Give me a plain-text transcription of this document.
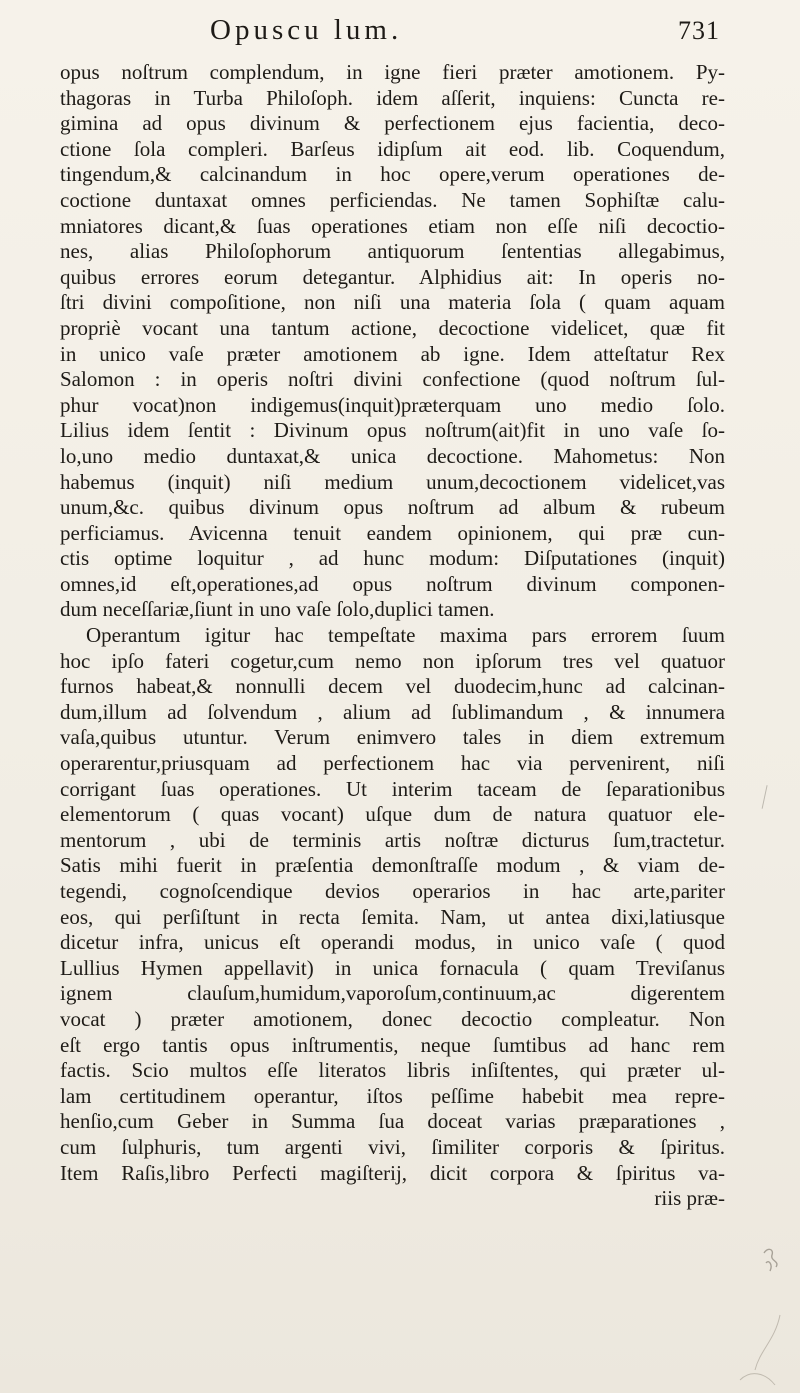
Opuscu lum.	731
opus noſtrum complendum, in igne fieri præter amotionem. Py-
thagoras in Turba Philoſoph. idem aſſerit, inquiens: Cuncta re-
gimina ad opus divinum & perfectionem ejus facientia, deco-
ctione ſola compleri. Barſeus idipſum ait eod. lib. Coquendum,
tingendum,& calcinandum in hoc opere,verum operationes de-
coctione duntaxat omnes perficiendas. Ne tamen Sophiſtæ calu-
mniatores dicant,& ſuas operationes etiam non eſſe niſi decoctio-
nes, alias Philoſophorum antiquorum ſententias allegabimus,
quibus errores eorum detegantur. Alphidius ait: In operis no-
ſtri divini compoſitione, non niſi una materia ſola ( quam aquam
propriè vocant una tantum actione, decoctione videlicet, quæ fit
in unico vaſe præter amotionem ab igne. Idem atteſtatur Rex
Salomon : in operis noſtri divini confectione (quod noſtrum ſul-
phur vocat)non indigemus(inquit)præterquam uno medio ſolo.
Lilius idem ſentit : Divinum opus noſtrum(ait)fit in uno vaſe ſo-
lo,uno medio duntaxat,& unica decoctione. Mahometus: Non
habemus (inquit) niſi medium unum,decoctionem videlicet,vas
unum,&c. quibus divinum opus noſtrum ad album & rubeum
perficiamus. Avicenna tenuit eandem opinionem, qui præ cun-
ctis optime loquitur , ad hunc modum: Diſputationes (inquit)
omnes,id eſt,operationes,ad opus noſtrum divinum componen-
dum neceſſariæ,ſiunt in uno vaſe ſolo,duplici tamen.
Operantum igitur hac tempeſtate maxima pars errorem ſuum
hoc ipſo fateri cogetur,cum nemo non ipſorum tres vel quatuor
furnos habeat,& nonnulli decem vel duodecim,hunc ad calcinan-
dum,illum ad ſolvendum , alium ad ſublimandum , & innumera
vaſa,quibus utuntur. Verum enimvero tales in diem extremum
operarentur,priusquam ad perfectionem hac via pervenirent, niſi
corrigant ſuas operationes. Ut interim taceam de ſeparationibus
elementorum ( quas vocant) uſque dum de natura quatuor ele-
mentorum , ubi de terminis artis noſtræ dicturus ſum,tractetur.
Satis mihi fuerit in præſentia demonſtraſſe modum , & viam de-
tegendi, cognoſcendique devios operarios in hac arte,pariter
eos, qui perſiſtunt in recta ſemita. Nam, ut antea dixi,latiusque
dicetur infra, unicus eſt operandi modus, in unico vaſe ( quod
Lullius Hymen appellavit) in unica fornacula ( quam Treviſanus
ignem clauſum,humidum,vaporoſum,continuum,ac digerentem
vocat ) præter amotionem, donec decoctio compleatur. Non
eſt ergo tantis opus inſtrumentis, neque ſumtibus ad hanc rem
factis. Scio multos eſſe literatos libris inſiſtentes, qui præter ul-
lam certitudinem operantur, iſtos peſſime habebit mea repre-
henſio,cum Geber in Summa ſua doceat varias præparationes ,
cum ſulphuris, tum argenti vivi, ſimiliter corporis & ſpiritus.
Item Raſis,libro Perfecti magiſterij, dicit corpora & ſpiritus va-
riis præ-
